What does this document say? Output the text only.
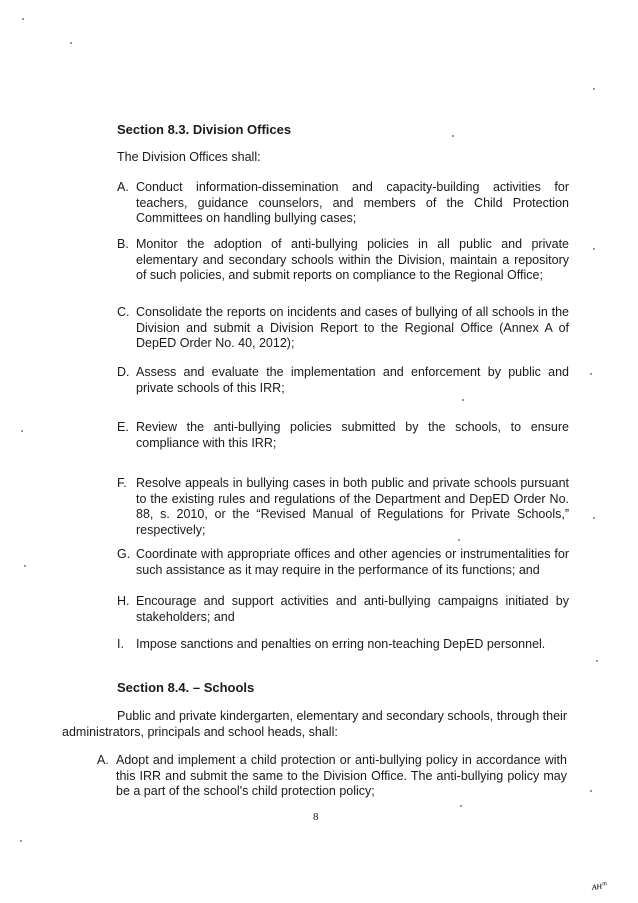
Section 8.3. Division Offices
The Division Offices shall:
A. Conduct information-dissemination and capacity-building activities for teachers, guidance counselors, and members of the Child Protection Committees on handling bullying cases;
B. Monitor the adoption of anti-bullying policies in all public and private elementary and secondary schools within the Division, maintain a repository of such policies, and submit reports on compliance to the Regional Office;
C. Consolidate the reports on incidents and cases of bullying of all schools in the Division and submit a Division Report to the Regional Office (Annex A of DepED Order No. 40, 2012);
D. Assess and evaluate the implementation and enforcement by public and private schools of this IRR;
E. Review the anti-bullying policies submitted by the schools, to ensure compliance with this IRR;
F. Resolve appeals in bullying cases in both public and private schools pursuant to the existing rules and regulations of the Department and DepED Order No. 88, s. 2010, or the “Revised Manual of Regulations for Private Schools,” respectively;
G. Coordinate with appropriate offices and other agencies or instrumentalities for such assistance as it may require in the performance of its functions; and
H. Encourage and support activities and anti-bullying campaigns initiated by stakeholders; and
I. Impose sanctions and penalties on erring non-teaching DepED personnel.
Section 8.4. – Schools
Public and private kindergarten, elementary and secondary schools, through their administrators, principals and school heads, shall:
A. Adopt and implement a child protection or anti-bullying policy in accordance with this IRR and submit the same to the Division Office. The anti-bullying policy may be a part of the school's child protection policy;
8
ᴀʜᵐ
